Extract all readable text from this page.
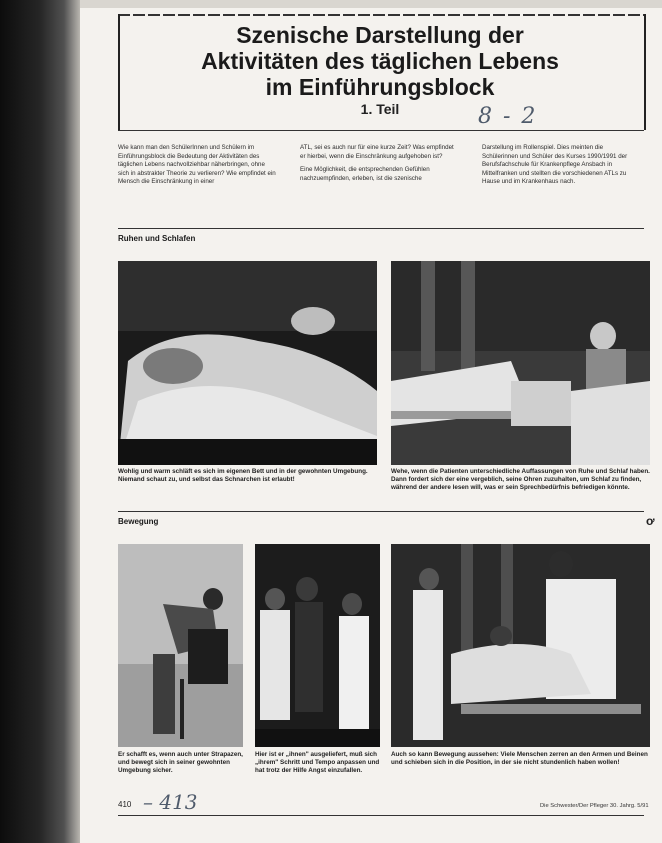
Szenische Darstellung der
Aktivitäten des täglichen Lebens
im Einführungsblock
1. Teil	8 - 2

Wie kann man den SchülerInnen und Schülern im Einführungsblock die Bedeutung der Aktivitäten des täglichen Lebens nachvollziehbar näherbringen, ohne sich in abstrakter Theorie zu verlieren? Wie empfindet ein Mensch die Einschränkung in einer

ATL, sei es auch nur für eine kurze Zeit? Was empfindet er hierbei, wenn die Einschränkung aufgehoben ist?

Eine Möglichkeit, die entsprechenden Gefühlen nachzuempfinden, erleben, ist die szenische

Darstellung im Rollenspiel. Dies meinten die Schülerinnen und Schüler des Kurses 1990/1991 der Berufsfachschule für Krankenpflege Ansbach in Mittelfranken und stellten die vorschiedenen ATLs zu Hause und im Krankenhaus nach.

Ruhen und Schlafen
Wohlig und warm schläft es sich im eigenen Bett und in der gewohnten Umgebung. Niemand schaut zu, und selbst das Schnarchen ist erlaubt!
Wehe, wenn die Patienten unterschiedliche Auffassungen von Ruhe und Schlaf haben. Dann fordert sich der eine vergeblich, seine Ohren zuzuhalten, um Schlaf zu finden, während der andere lesen will, was er sein Sprechbedürfnis befriedigen könnte.
Bewegung	ơ
Er schafft es, wenn auch unter Strapazen, und bewegt sich in seiner gewohnten Umgebung sicher.
Hier ist er „ihnen" ausgeliefert, muß sich „ihrem" Schritt und Tempo anpassen und hat trotz der Hilfe Angst einzufallen.
Auch so kann Bewegung aussehen: Viele Menschen zerren an den Armen und Beinen und schieben sich in die Position, in der sie nicht stundenlich haben wollen!
410 – 413	Die Schwester/Der Pfleger 30. Jahrg. 5/91
